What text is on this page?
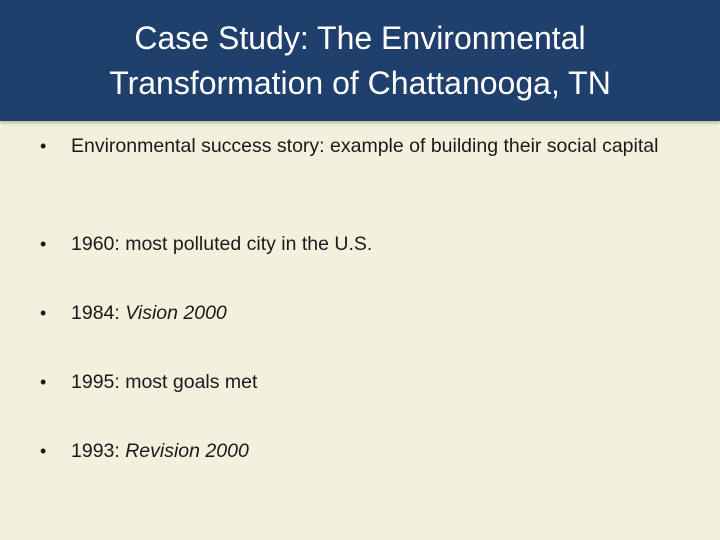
Case Study: The Environmental
Transformation of Chattanooga, TN
•	Environmental success story: example of building their social capital
•	1960: most polluted city in the U.S.
•	1984: Vision 2000
•	1995: most goals met
•	1993: Revision 2000
